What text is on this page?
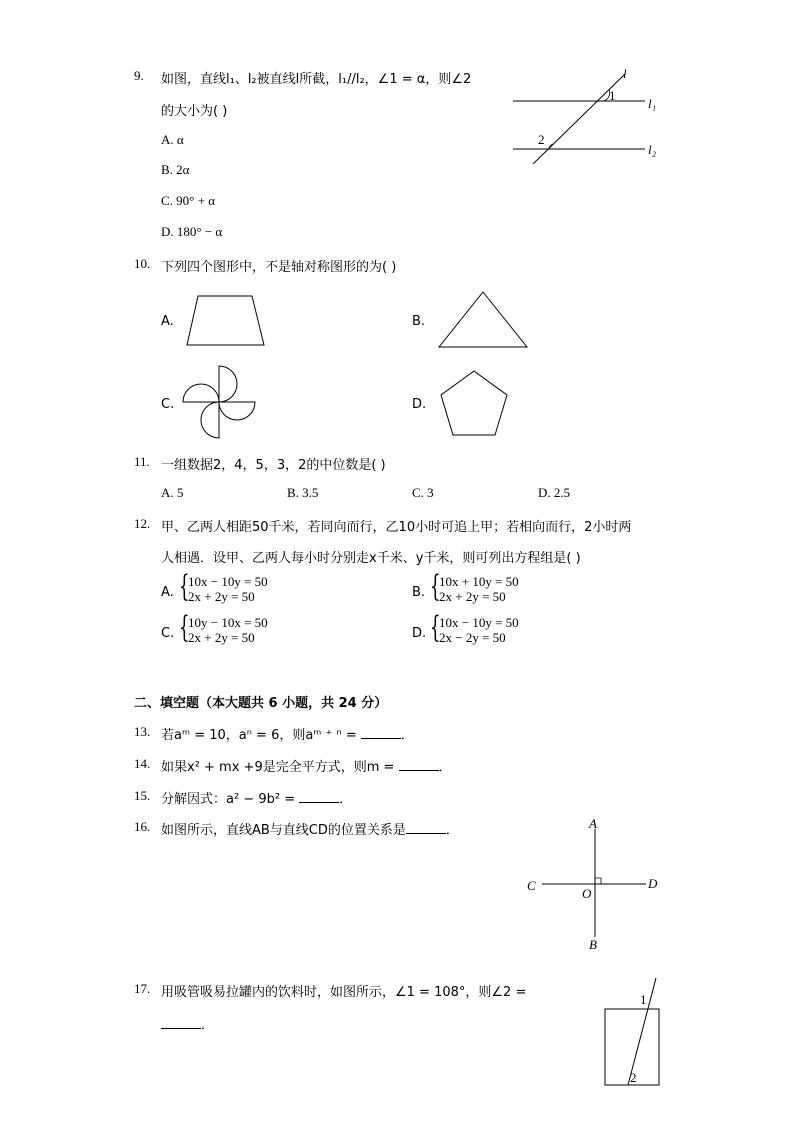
9. 如图，直线l₁、l₂被直线l所截，l₁//l₂，∠1 = α，则∠2
的大小为( )
A. α
B. 2α
C. 90° + α
D. 180° − α
l
l₁
l₂
1
2
10. 下列四个图形中，不是轴对称图形的为( )
A.	B.
C.	D.
11. 一组数据2，4，5，3，2的中位数是( )
A. 5	B. 3.5	C. 3	D. 2.5
12. 甲、乙两人相距50千米，若同向而行，乙10小时可追上甲；若相向而行，2小时两
人相遇．设甲、乙两人每小时分别走x千米、y千米，则可列出方程组是( )
A. {
10x − 10y = 50
2x + 2y = 50	B. {
10x + 10y = 50
2x + 2y = 50
C. {
10y − 10x = 50
2x + 2y = 50	D. {
10x − 10y = 50
2x − 2y = 50
二、填空题（本大题共 6 小题，共 24 分）
13. 若aᵐ = 10，aⁿ = 6，则aᵐ ⁺ ⁿ =	．
14. 如果x² + mx +9是完全平方式，则m =	．
15. 分解因式：a² − 9b² =	．
16. 如图所示，直线AB与直线CD的位置关系是	．	A
B
C	D
O
17. 用吸管吸易拉罐内的饮料时，如图所示，∠1 = 108°，则∠2 =
．
1
2
